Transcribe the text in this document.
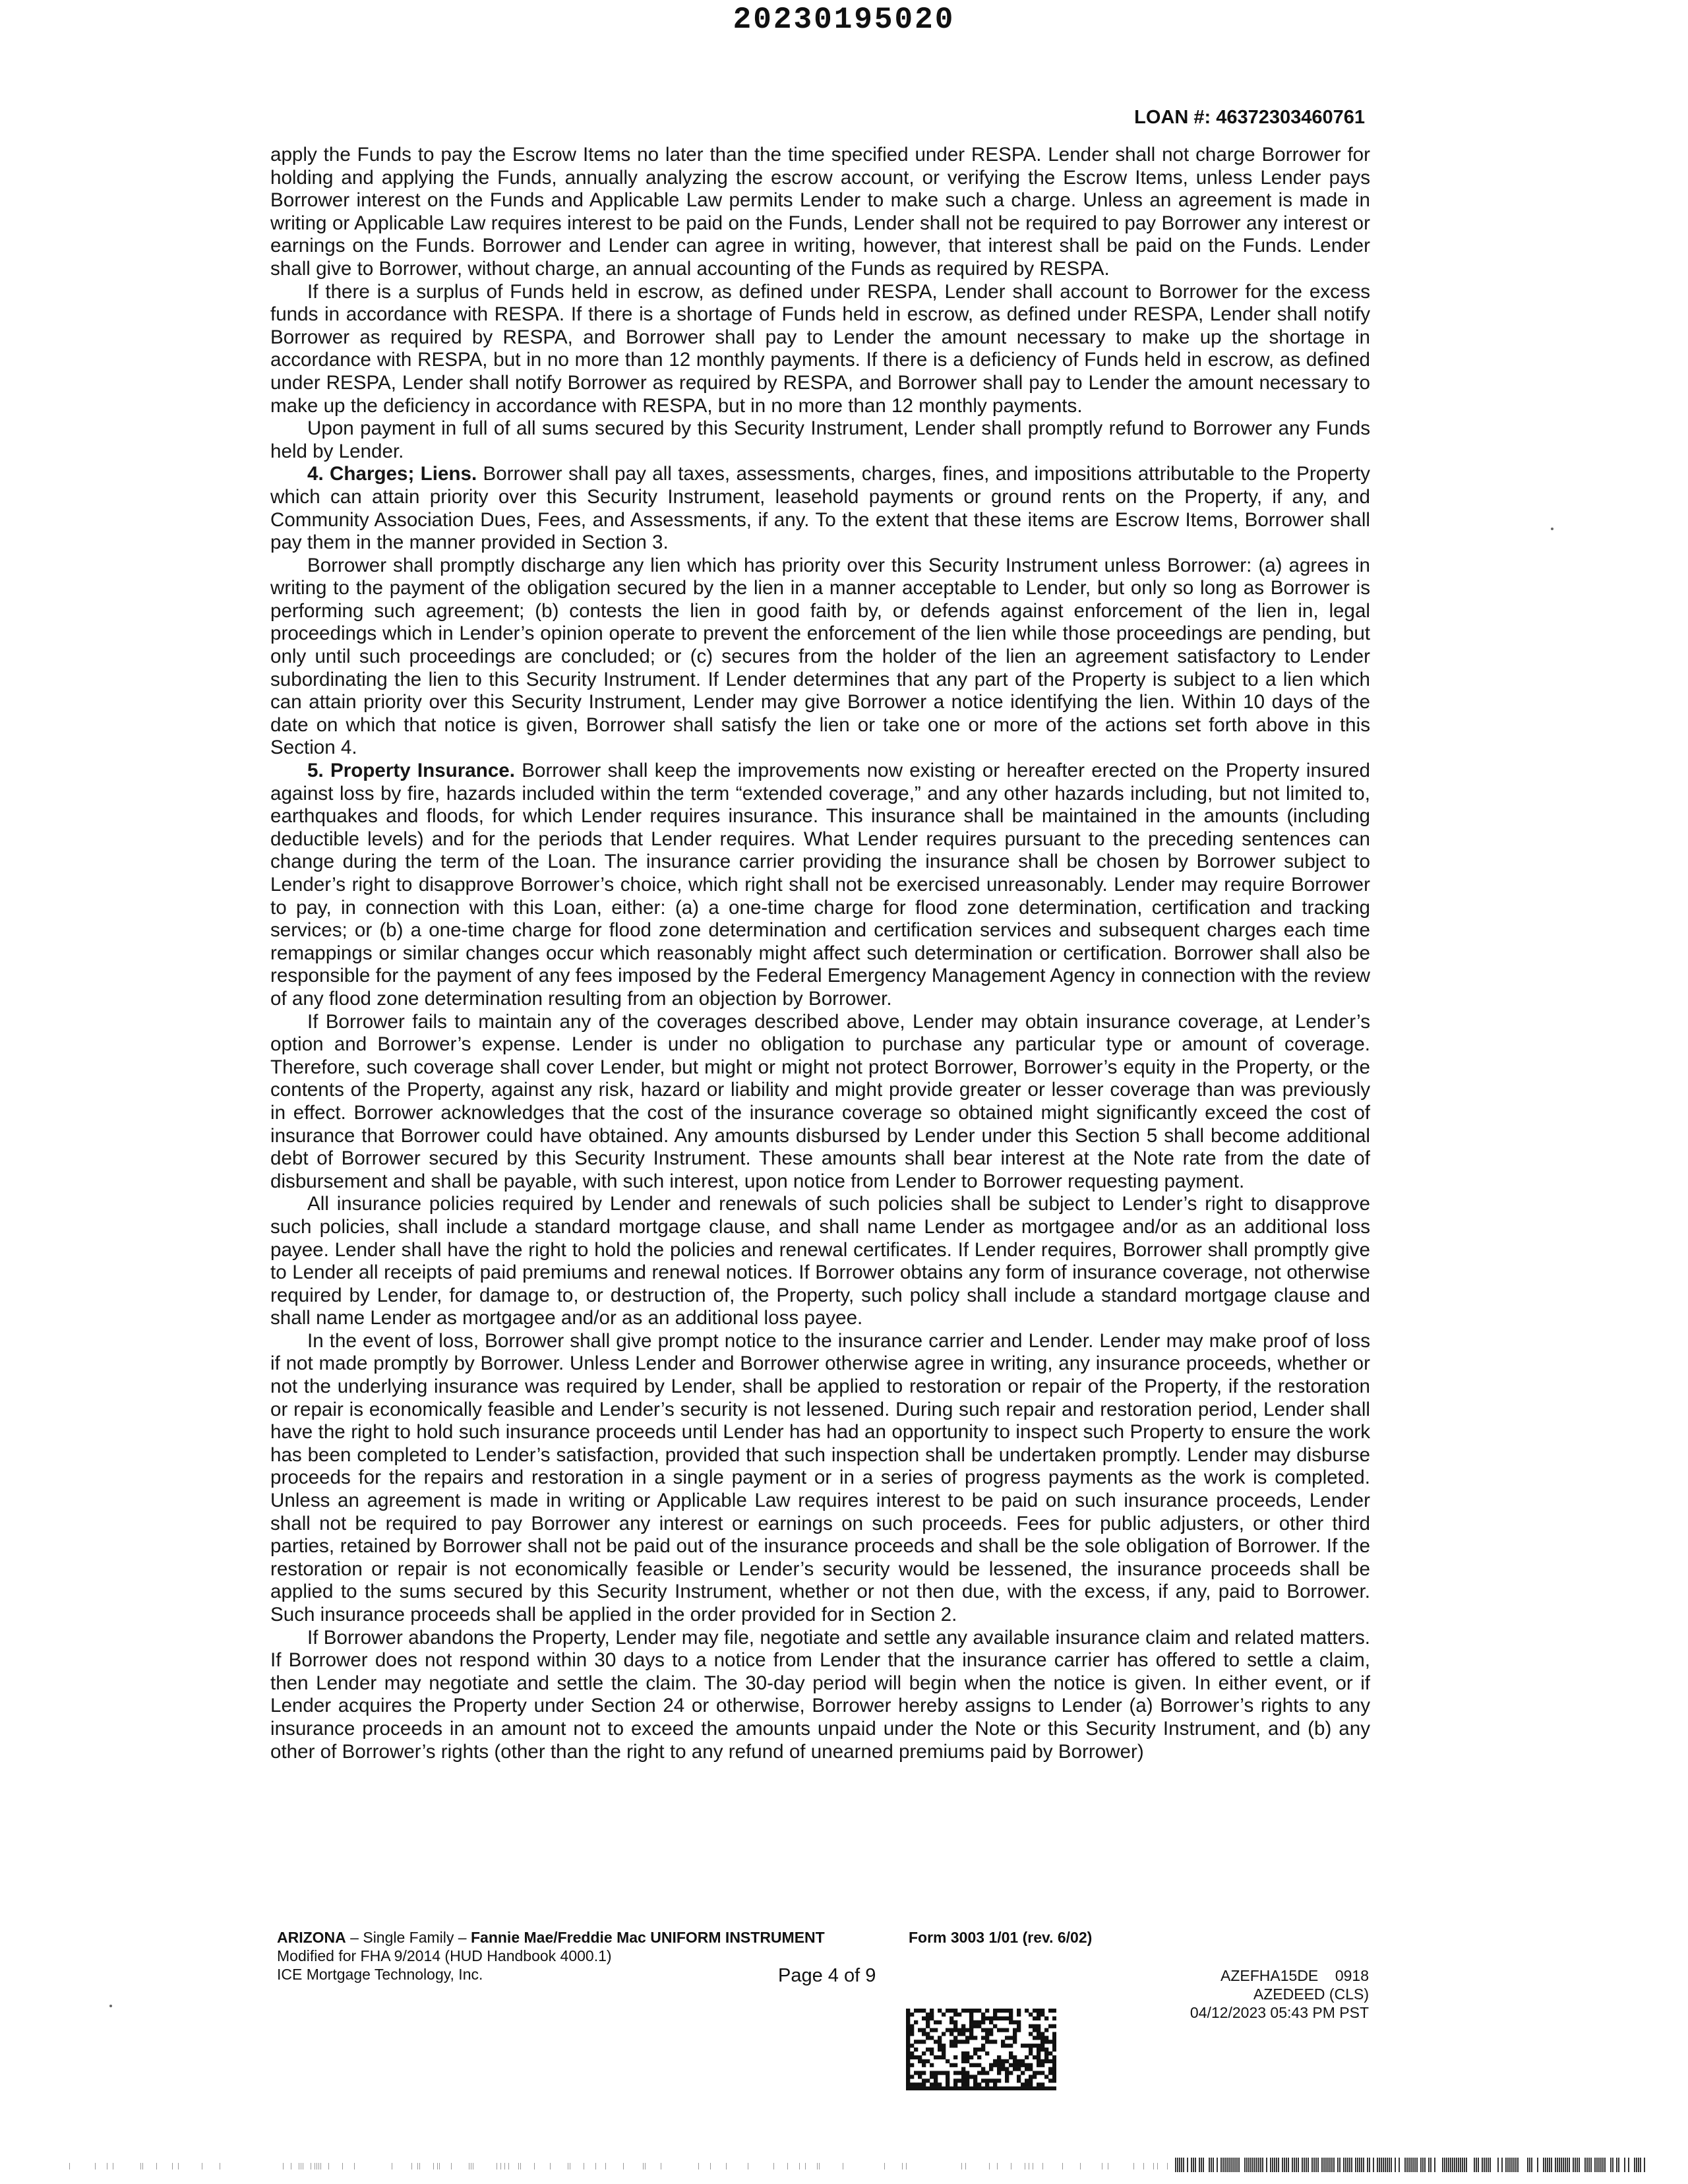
20230195020
LOAN #: 46372303460761

apply the Funds to pay the Escrow Items no later than the time specified under RESPA. Lender shall not charge Borrower for holding and applying the Funds, annually analyzing the escrow account, or verifying the Escrow Items, unless Lender pays Borrower interest on the Funds and Applicable Law permits Lender to make such a charge. Unless an agreement is made in writing or Applicable Law requires interest to be paid on the Funds, Lender shall not be required to pay Borrower any interest or earnings on the Funds. Borrower and Lender can agree in writing, however, that interest shall be paid on the Funds. Lender shall give to Borrower, without charge, an annual accounting of the Funds as required by RESPA.

If there is a surplus of Funds held in escrow, as defined under RESPA, Lender shall account to Borrower for the excess funds in accordance with RESPA. If there is a shortage of Funds held in escrow, as defined under RESPA, Lender shall notify Borrower as required by RESPA, and Borrower shall pay to Lender the amount necessary to make up the shortage in accordance with RESPA, but in no more than 12 monthly payments. If there is a deficiency of Funds held in escrow, as defined under RESPA, Lender shall notify Borrower as required by RESPA, and Borrower shall pay to Lender the amount necessary to make up the deficiency in accordance with RESPA, but in no more than 12 monthly payments.

Upon payment in full of all sums secured by this Security Instrument, Lender shall promptly refund to Borrower any Funds held by Lender.

4. Charges; Liens. Borrower shall pay all taxes, assessments, charges, fines, and impositions attributable to the Property which can attain priority over this Security Instrument, leasehold payments or ground rents on the Property, if any, and Community Association Dues, Fees, and Assessments, if any. To the extent that these items are Escrow Items, Borrower shall pay them in the manner provided in Section 3.

Borrower shall promptly discharge any lien which has priority over this Security Instrument unless Borrower: (a) agrees in writing to the payment of the obligation secured by the lien in a manner acceptable to Lender, but only so long as Borrower is performing such agreement; (b) contests the lien in good faith by, or defends against enforcement of the lien in, legal proceedings which in Lender’s opinion operate to prevent the enforcement of the lien while those proceedings are pending, but only until such proceedings are concluded; or (c) secures from the holder of the lien an agreement satisfactory to Lender subordinating the lien to this Security Instrument. If Lender determines that any part of the Property is subject to a lien which can attain priority over this Security Instrument, Lender may give Borrower a notice identifying the lien. Within 10 days of the date on which that notice is given, Borrower shall satisfy the lien or take one or more of the actions set forth above in this Section 4.

5. Property Insurance. Borrower shall keep the improvements now existing or hereafter erected on the Property insured against loss by fire, hazards included within the term “extended coverage,” and any other hazards including, but not limited to, earthquakes and floods, for which Lender requires insurance. This insurance shall be maintained in the amounts (including deductible levels) and for the periods that Lender requires. What Lender requires pursuant to the preceding sentences can change during the term of the Loan. The insurance carrier providing the insurance shall be chosen by Borrower subject to Lender’s right to disapprove Borrower’s choice, which right shall not be exercised unreasonably. Lender may require Borrower to pay, in connection with this Loan, either: (a) a one-time charge for flood zone determination, certification and tracking services; or (b) a one-time charge for flood zone determination and certification services and subsequent charges each time remappings or similar changes occur which reasonably might affect such determination or certification. Borrower shall also be responsible for the payment of any fees imposed by the Federal Emergency Management Agency in connection with the review of any flood zone determination resulting from an objection by Borrower.

If Borrower fails to maintain any of the coverages described above, Lender may obtain insurance coverage, at Lender’s option and Borrower’s expense. Lender is under no obligation to purchase any particular type or amount of coverage. Therefore, such coverage shall cover Lender, but might or might not protect Borrower, Borrower’s equity in the Property, or the contents of the Property, against any risk, hazard or liability and might provide greater or lesser coverage than was previously in effect. Borrower acknowledges that the cost of the insurance coverage so obtained might significantly exceed the cost of insurance that Borrower could have obtained. Any amounts disbursed by Lender under this Section 5 shall become additional debt of Borrower secured by this Security Instrument. These amounts shall bear interest at the Note rate from the date of disbursement and shall be payable, with such interest, upon notice from Lender to Borrower requesting payment.

All insurance policies required by Lender and renewals of such policies shall be subject to Lender’s right to disapprove such policies, shall include a standard mortgage clause, and shall name Lender as mortgagee and/or as an additional loss payee. Lender shall have the right to hold the policies and renewal certificates. If Lender requires, Borrower shall promptly give to Lender all receipts of paid premiums and renewal notices. If Borrower obtains any form of insurance coverage, not otherwise required by Lender, for damage to, or destruction of, the Property, such policy shall include a standard mortgage clause and shall name Lender as mortgagee and/or as an additional loss payee.

In the event of loss, Borrower shall give prompt notice to the insurance carrier and Lender. Lender may make proof of loss if not made promptly by Borrower. Unless Lender and Borrower otherwise agree in writing, any insurance proceeds, whether or not the underlying insurance was required by Lender, shall be applied to restoration or repair of the Property, if the restoration or repair is economically feasible and Lender’s security is not lessened. During such repair and restoration period, Lender shall have the right to hold such insurance proceeds until Lender has had an opportunity to inspect such Property to ensure the work has been completed to Lender’s satisfaction, provided that such inspection shall be undertaken promptly. Lender may disburse proceeds for the repairs and restoration in a single payment or in a series of progress payments as the work is completed. Unless an agreement is made in writing or Applicable Law requires interest to be paid on such insurance proceeds, Lender shall not be required to pay Borrower any interest or earnings on such proceeds. Fees for public adjusters, or other third parties, retained by Borrower shall not be paid out of the insurance proceeds and shall be the sole obligation of Borrower. If the restoration or repair is not economically feasible or Lender’s security would be lessened, the insurance proceeds shall be applied to the sums secured by this Security Instrument, whether or not then due, with the excess, if any, paid to Borrower. Such insurance proceeds shall be applied in the order provided for in Section 2.

If Borrower abandons the Property, Lender may file, negotiate and settle any available insurance claim and related matters. If Borrower does not respond within 30 days to a notice from Lender that the insurance carrier has offered to settle a claim, then Lender may negotiate and settle the claim. The 30-day period will begin when the notice is given. In either event, or if Lender acquires the Property under Section 24 or otherwise, Borrower hereby assigns to Lender (a) Borrower’s rights to any insurance proceeds in an amount not to exceed the amounts unpaid under the Note or this Security Instrument, and (b) any other of Borrower’s rights (other than the right to any refund of unearned premiums paid by Borrower)

ARIZONA – Single Family – Fannie Mae/Freddie Mac UNIFORM INSTRUMENT	Form 3003 1/01 (rev. 6/02)
Modified for FHA 9/2014 (HUD Handbook 4000.1)
ICE Mortgage Technology, Inc.	Page 4 of 9	AZEFHA15DE    0918
AZEDEED (CLS)
04/12/2023 05:43 PM PST
